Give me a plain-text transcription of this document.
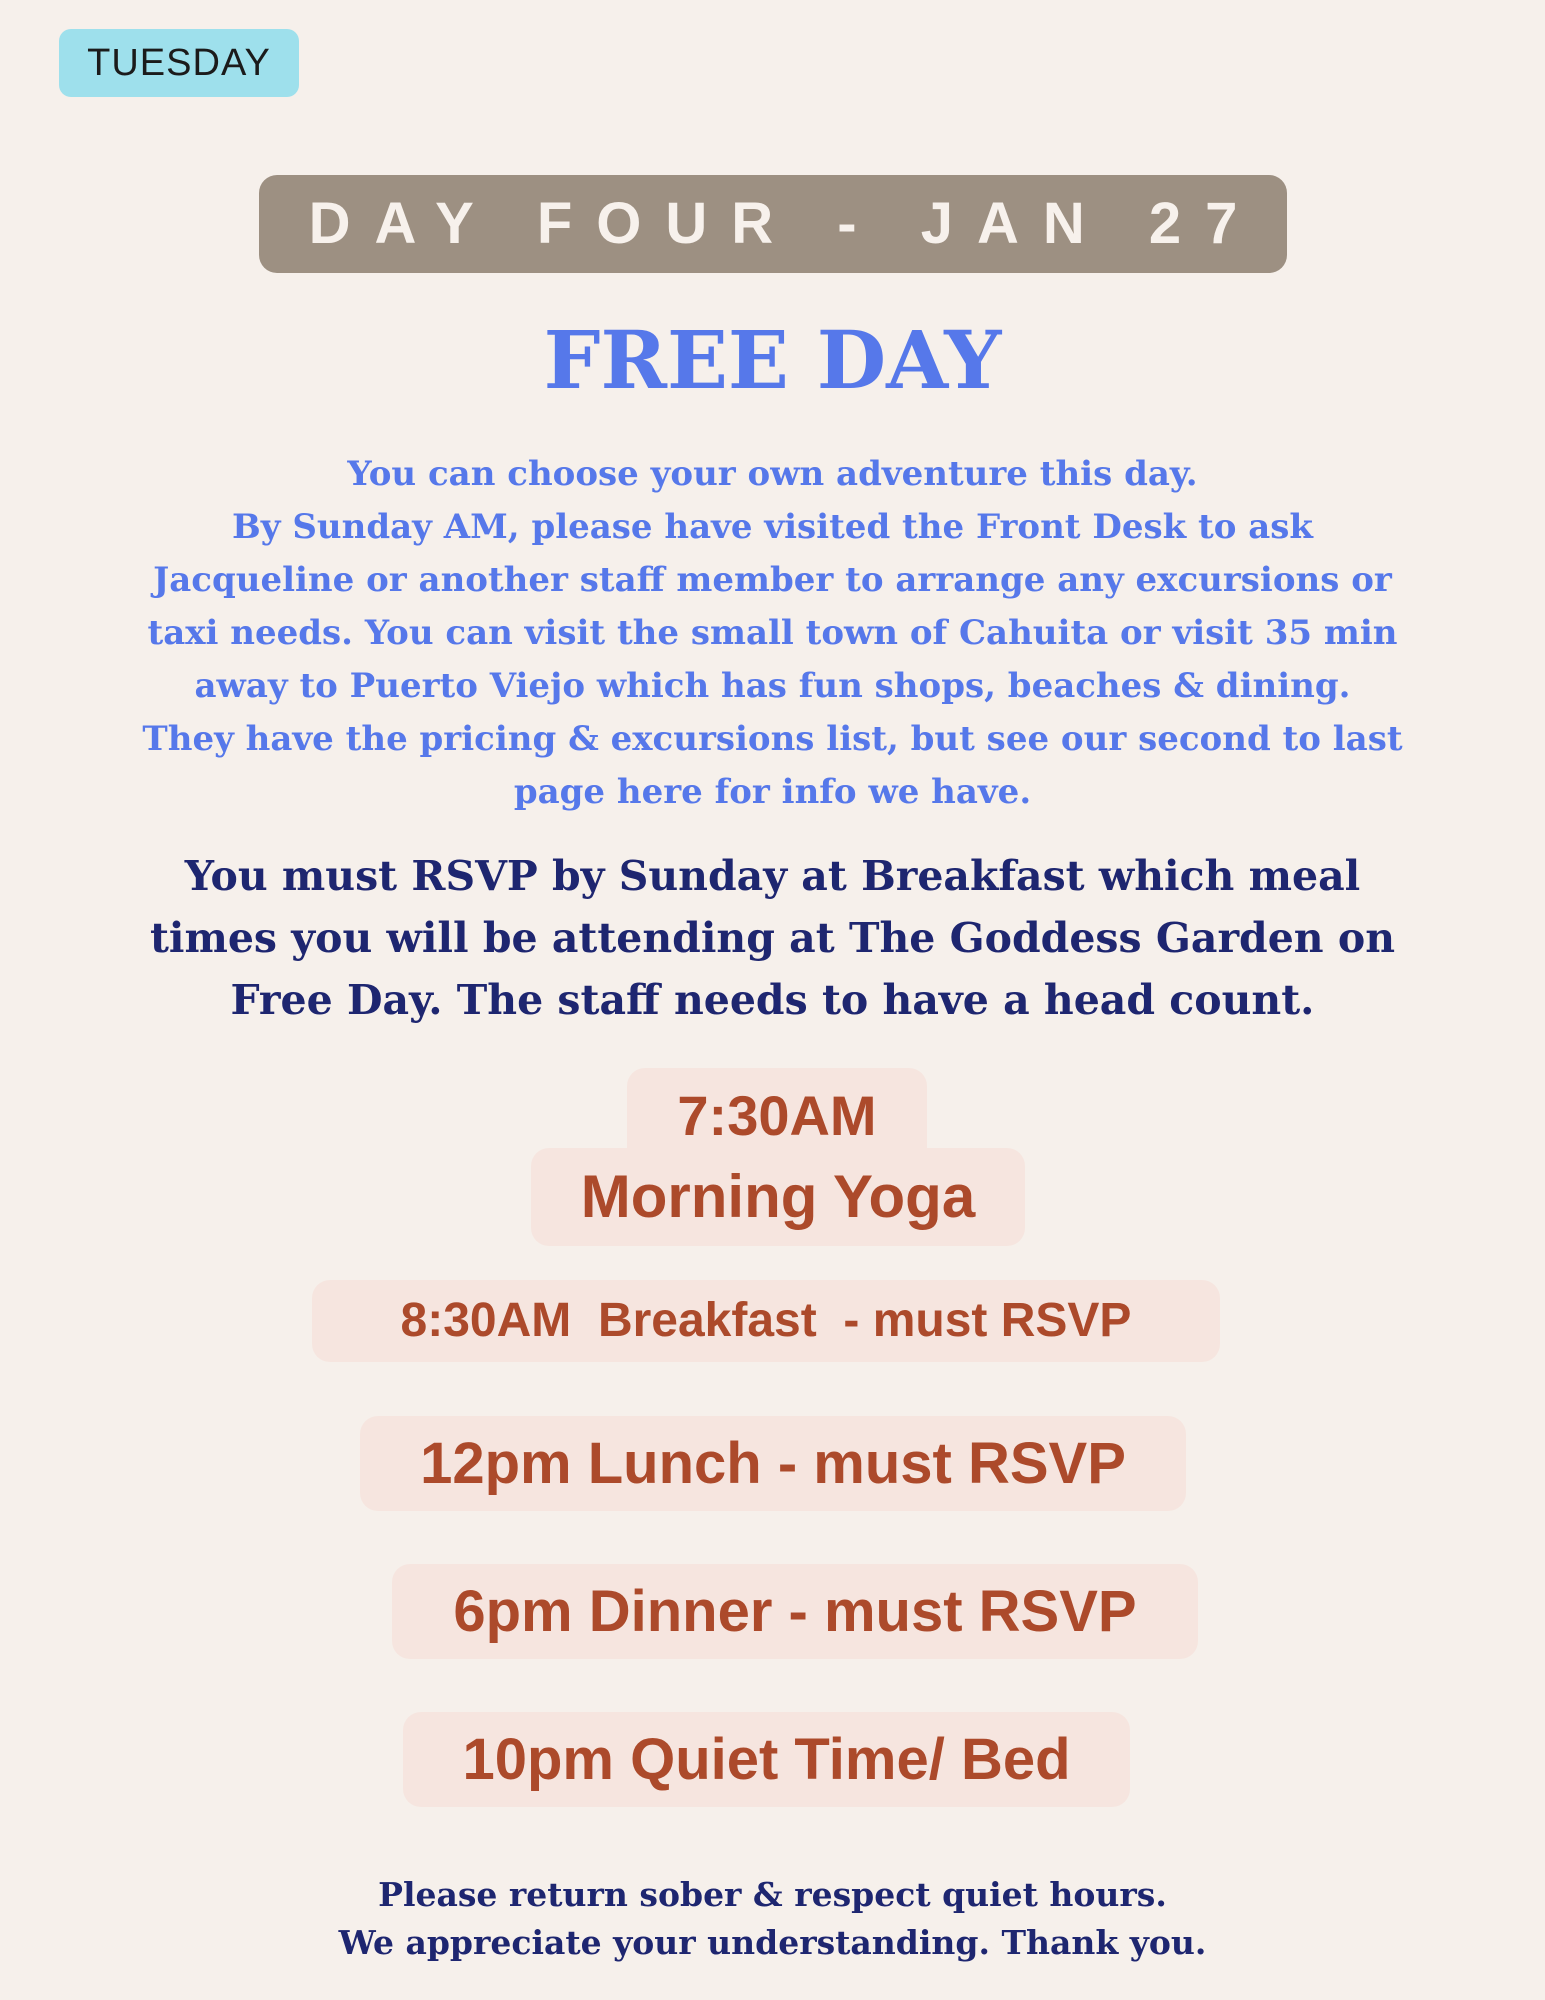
TUESDAY
DAY FOUR - JAN 27
FREE DAY

You can choose your own adventure this day.
By Sunday AM, please have visited the Front Desk to ask
Jacqueline or another staff member to arrange any excursions or
taxi needs. You can visit the small town of Cahuita or visit 35 min
away to Puerto Viejo which has fun shops, beaches & dining.
They have the pricing & excursions list, but see our second to last
page here for info we have.

You must RSVP by Sunday at Breakfast which meal
times you will be attending at The Goddess Garden on
Free Day. The staff needs to have a head count.

7:30AM
Morning Yoga
8:30AM  Breakfast  - must RSVP
12pm Lunch - must RSVP
6pm Dinner - must RSVP
10pm Quiet Time/ Bed

Please return sober & respect quiet hours.
We appreciate your understanding. Thank you.
